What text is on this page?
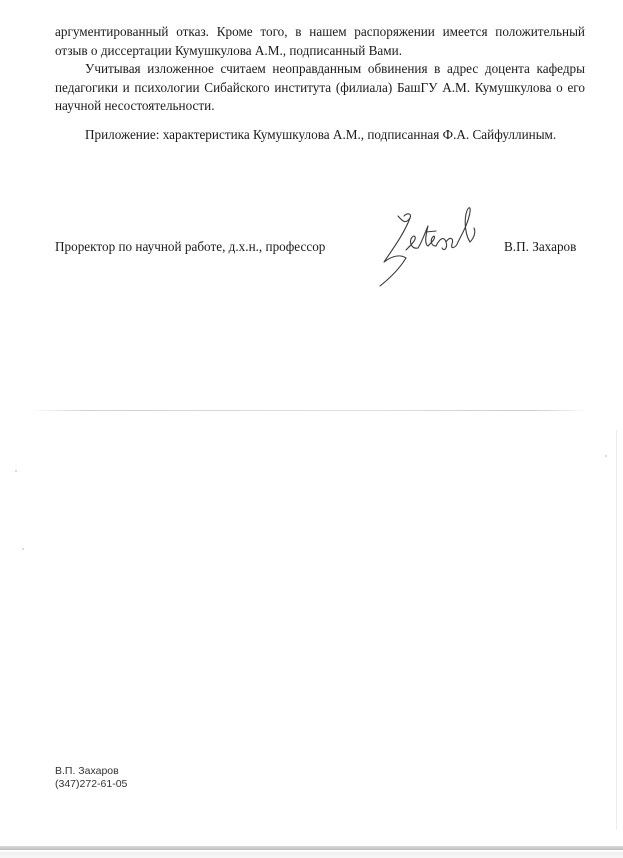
аргументированный отказ. Кроме того, в нашем распоряжении имеется положительный отзыв о диссертации Кумушкулова А.М., подписанный Вами.

Учитывая изложенное считаем неоправданным обвинения в адрес доцента кафедры педагогики и психологии Сибайского института (филиала) БашГУ А.М. Кумушкулова о его научной несостоятельности.

Приложение: характеристика Кумушкулова А.М., подписанная Ф.А. Сайфуллиным.

Проректор по научной работе, д.х.н., профессор	В.П. Захаров
В.П. Захаров
(347)272-61-05
